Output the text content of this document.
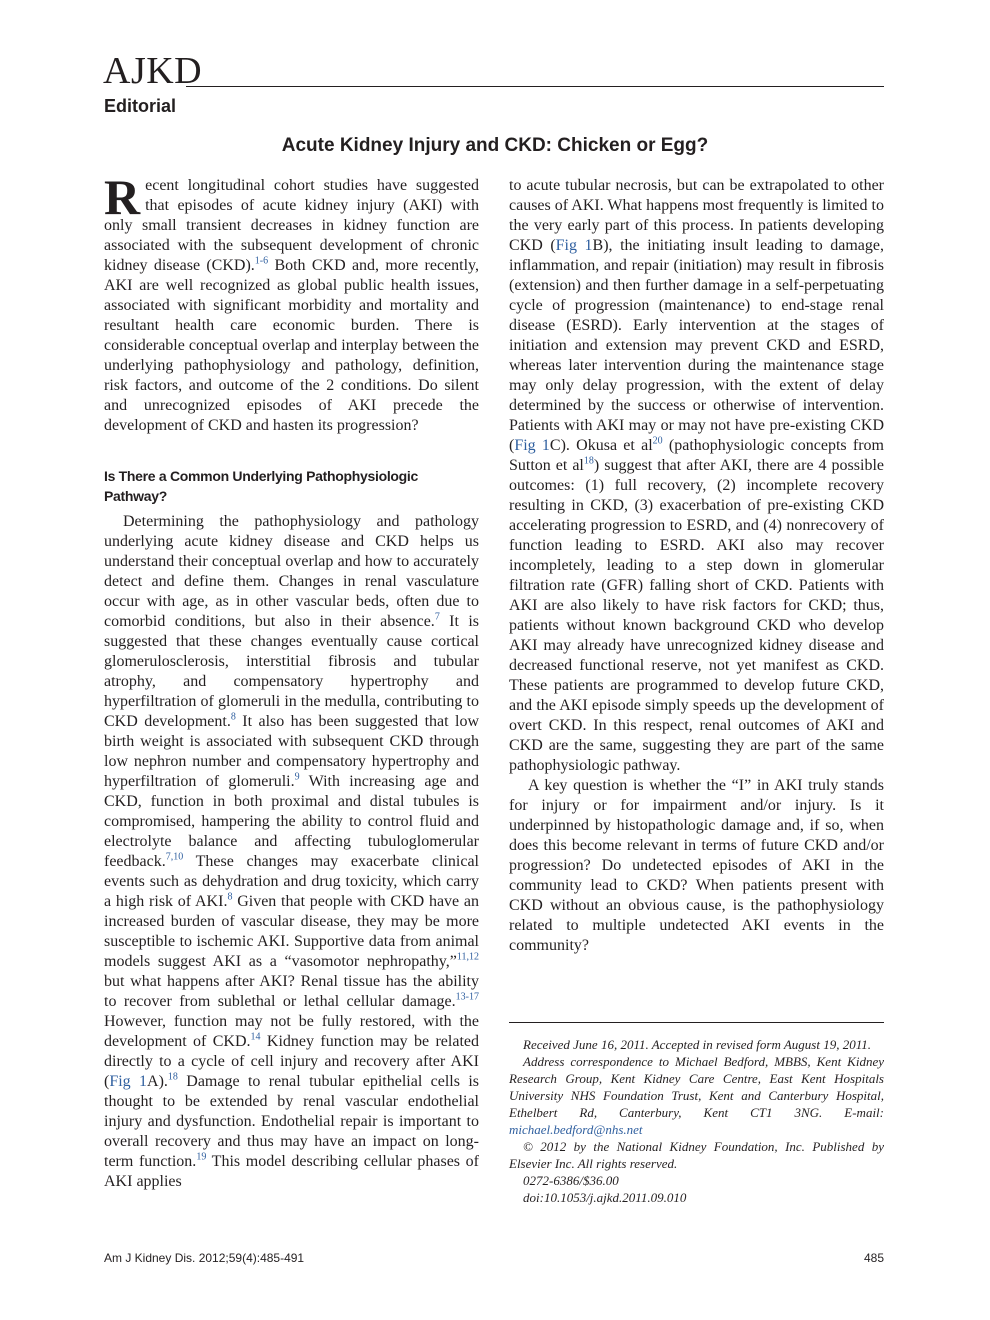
AJKD
Editorial
Acute Kidney Injury and CKD: Chicken or Egg?

Recent longitudinal cohort studies have suggested that episodes of acute kidney injury (AKI) with only small transient decreases in kidney function are associated with the subsequent development of chronic kidney disease (CKD).$^{1-6}$ Both CKD and, more recently, AKI are well recognized as global public health issues, associated with significant morbidity and mortality and resultant health care economic burden. There is considerable conceptual overlap and interplay between the underlying pathophysiology and pathology, definition, risk factors, and outcome of the 2 conditions. Do silent and unrecognized episodes of AKI precede the development of CKD and hasten its progression?

Is There a Common Underlying Pathophysiologic Pathway?

Determining the pathophysiology and pathology underlying acute kidney disease and CKD helps us understand their conceptual overlap and how to accurately detect and define them. Changes in renal vasculature occur with age, as in other vascular beds, often due to comorbid conditions, but also in their absence.$^7$ It is suggested that these changes eventually cause cortical glomerulosclerosis, interstitial fibrosis and tubular atrophy, and compensatory hypertrophy and hyperfiltration of glomeruli in the medulla, contributing to CKD development.$^8$ It also has been suggested that low birth weight is associated with subsequent CKD through low nephron number and compensatory hypertrophy and hyperfiltration of glomeruli.$^9$ With increasing age and CKD, function in both proximal and distal tubules is compromised, hampering the ability to control fluid and electrolyte balance and affecting tubuloglomerular feedback.$^{7,10}$ These changes may exacerbate clinical events such as dehydration and drug toxicity, which carry a high risk of AKI.$^8$ Given that people with CKD have an increased burden of vascular disease, they may be more susceptible to ischemic AKI. Supportive data from animal models suggest AKI as a “vasomotor nephropathy,”$^{11,12}$ but what happens after AKI? Renal tissue has the ability to recover from sublethal or lethal cellular damage.$^{13-17}$ However, function may not be fully restored, with the development of CKD.$^{14}$ Kidney function may be related directly to a cycle of cell injury and recovery after AKI (Fig 1A).$^{18}$ Damage to renal tubular epithelial cells is thought to be extended by renal vascular endothelial injury and dysfunction. Endothelial repair is important to overall recovery and thus may have an impact on long-term function.$^{19}$ This model describing cellular phases of AKI applies

to acute tubular necrosis, but can be extrapolated to other causes of AKI. What happens most frequently is limited to the very early part of this process. In patients developing CKD (Fig 1B), the initiating insult leading to damage, inflammation, and repair (initiation) may result in fibrosis (extension) and then further damage in a self-perpetuating cycle of progression (maintenance) to end-stage renal disease (ESRD). Early intervention at the stages of initiation and extension may prevent CKD and ESRD, whereas later intervention during the maintenance stage may only delay progression, with the extent of delay determined by the success or otherwise of intervention. Patients with AKI may or may not have pre-existing CKD (Fig 1C). Okusa et al$^{20}$ (pathophysiologic concepts from Sutton et al$^{18}$) suggest that after AKI, there are 4 possible outcomes: (1) full recovery, (2) incomplete recovery resulting in CKD, (3) exacerbation of pre-existing CKD accelerating progression to ESRD, and (4) nonrecovery of function leading to ESRD. AKI also may recover incompletely, leading to a step down in glomerular filtration rate (GFR) falling short of CKD. Patients with AKI are also likely to have risk factors for CKD; thus, patients without known background CKD who develop AKI may already have unrecognized kidney disease and decreased functional reserve, not yet manifest as CKD. These patients are programmed to develop future CKD, and the AKI episode simply speeds up the development of overt CKD. In this respect, renal outcomes of AKI and CKD are the same, suggesting they are part of the same pathophysiologic pathway.

A key question is whether the “I” in AKI truly stands for injury or for impairment and/or injury. Is it underpinned by histopathologic damage and, if so, when does this become relevant in terms of future CKD and/or progression? Do undetected episodes of AKI in the community lead to CKD? When patients present with CKD without an obvious cause, is the pathophysiology related to multiple undetected AKI events in the community?

Received June 16, 2011. Accepted in revised form August 19, 2011.

Address correspondence to Michael Bedford, MBBS, Kent Kidney Research Group, Kent Kidney Care Centre, East Kent Hospitals University NHS Foundation Trust, Kent and Canterbury Hospital, Ethelbert Rd, Canterbury, Kent CT1 3NG. E-mail: michael.bedford@nhs.net

© 2012 by the National Kidney Foundation, Inc. Published by Elsevier Inc. All rights reserved.

0272-6386/$36.00

doi:10.1053/j.ajkd.2011.09.010

Am J Kidney Dis. 2012;59(4):485-491	485
